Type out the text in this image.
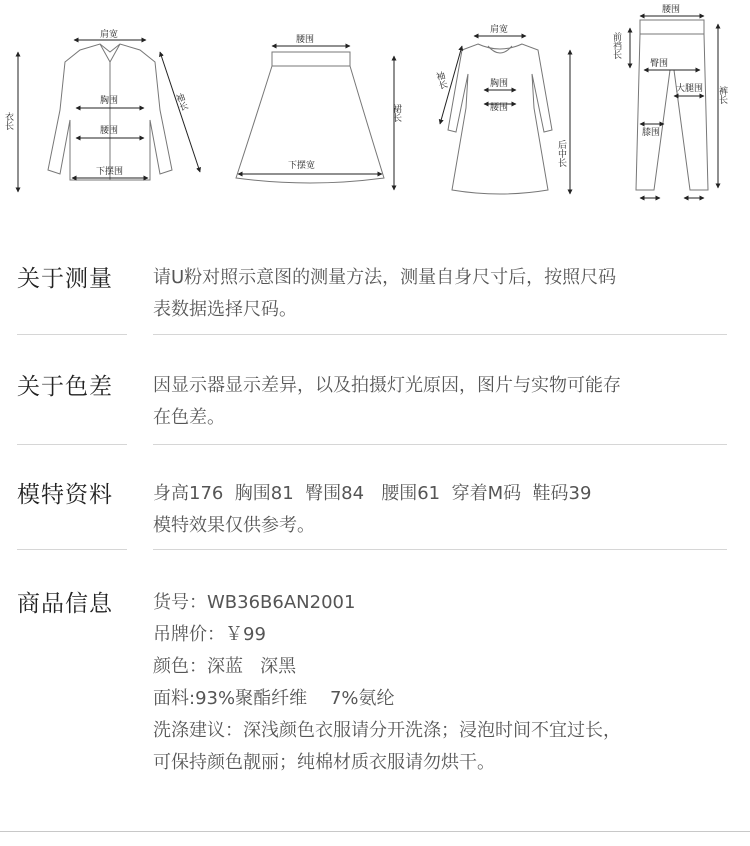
肩宽
胸围
腰围
下摆围
衣长
袖长
腰围
下摆宽
裙长
肩宽
袖长	胸围
腰围
后中长
腰围
前裆长
臀围
大腿围
膝围
裤长
关于测量	请U粉对照示意图的测量方法，测量自身尺寸后，按照尺码
表数据选择尺码。
关于色差	因显示器显示差异，以及拍摄灯光原因，图片与实物可能存
在色差。
模特资料	身高176  胸围81  臀围84   腰围61  穿着M码  鞋码39
模特效果仅供参考。
商品信息	货号：WB36B6AN2001
吊牌价：￥99
颜色：深蓝   深黑
面料:93%聚酯纤维    7%氨纶
洗涤建议：深浅颜色衣服请分开洗涤；浸泡时间不宜过长，
可保持颜色靓丽；纯棉材质衣服请勿烘干。
